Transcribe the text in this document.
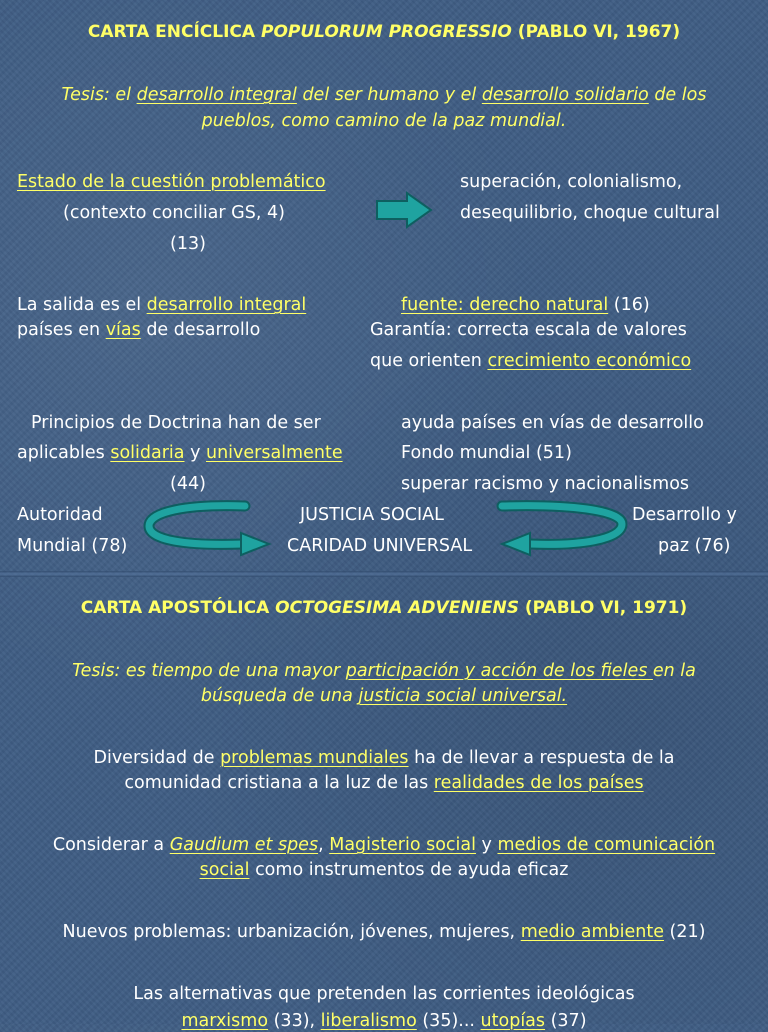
CARTA ENCÍCLICA POPULORUM PROGRESSIO (PABLO VI, 1967)
Tesis: el desarrollo integral del ser humano y el desarrollo solidario de los
pueblos, como camino de la paz mundial.
Estado de la cuestión problemático
(contexto conciliar GS, 4)
(13)
superación, colonialismo,
desequilibrio, choque cultural
La salida es el desarrollo integral
países en vías de desarrollo
fuente: derecho natural (16)
Garantía: correcta escala de valores
que orienten crecimiento económico
Principios de Doctrina han de ser
aplicables solidaria y universalmente
(44)
ayuda países en vías de desarrollo
Fondo mundial (51)
superar racismo y nacionalismos
Autoridad
Mundial (78)
JUSTICIA SOCIAL
CARIDAD UNIVERSAL
Desarrollo y
paz (76)
CARTA APOSTÓLICA OCTOGESIMA ADVENIENS (PABLO VI, 1971)
Tesis: es tiempo de una mayor participación y acción de los fieles en la
búsqueda de una justicia social universal.
Diversidad de problemas mundiales ha de llevar a respuesta de la
comunidad cristiana a la luz de las realidades de los países
Considerar a Gaudium et spes, Magisterio social y medios de comunicación
social como instrumentos de ayuda eficaz
Nuevos problemas: urbanización, jóvenes, mujeres, medio ambiente (21)
Las alternativas que pretenden las corrientes ideológicas
marxismo (33), liberalismo (35)... utopías (37)
